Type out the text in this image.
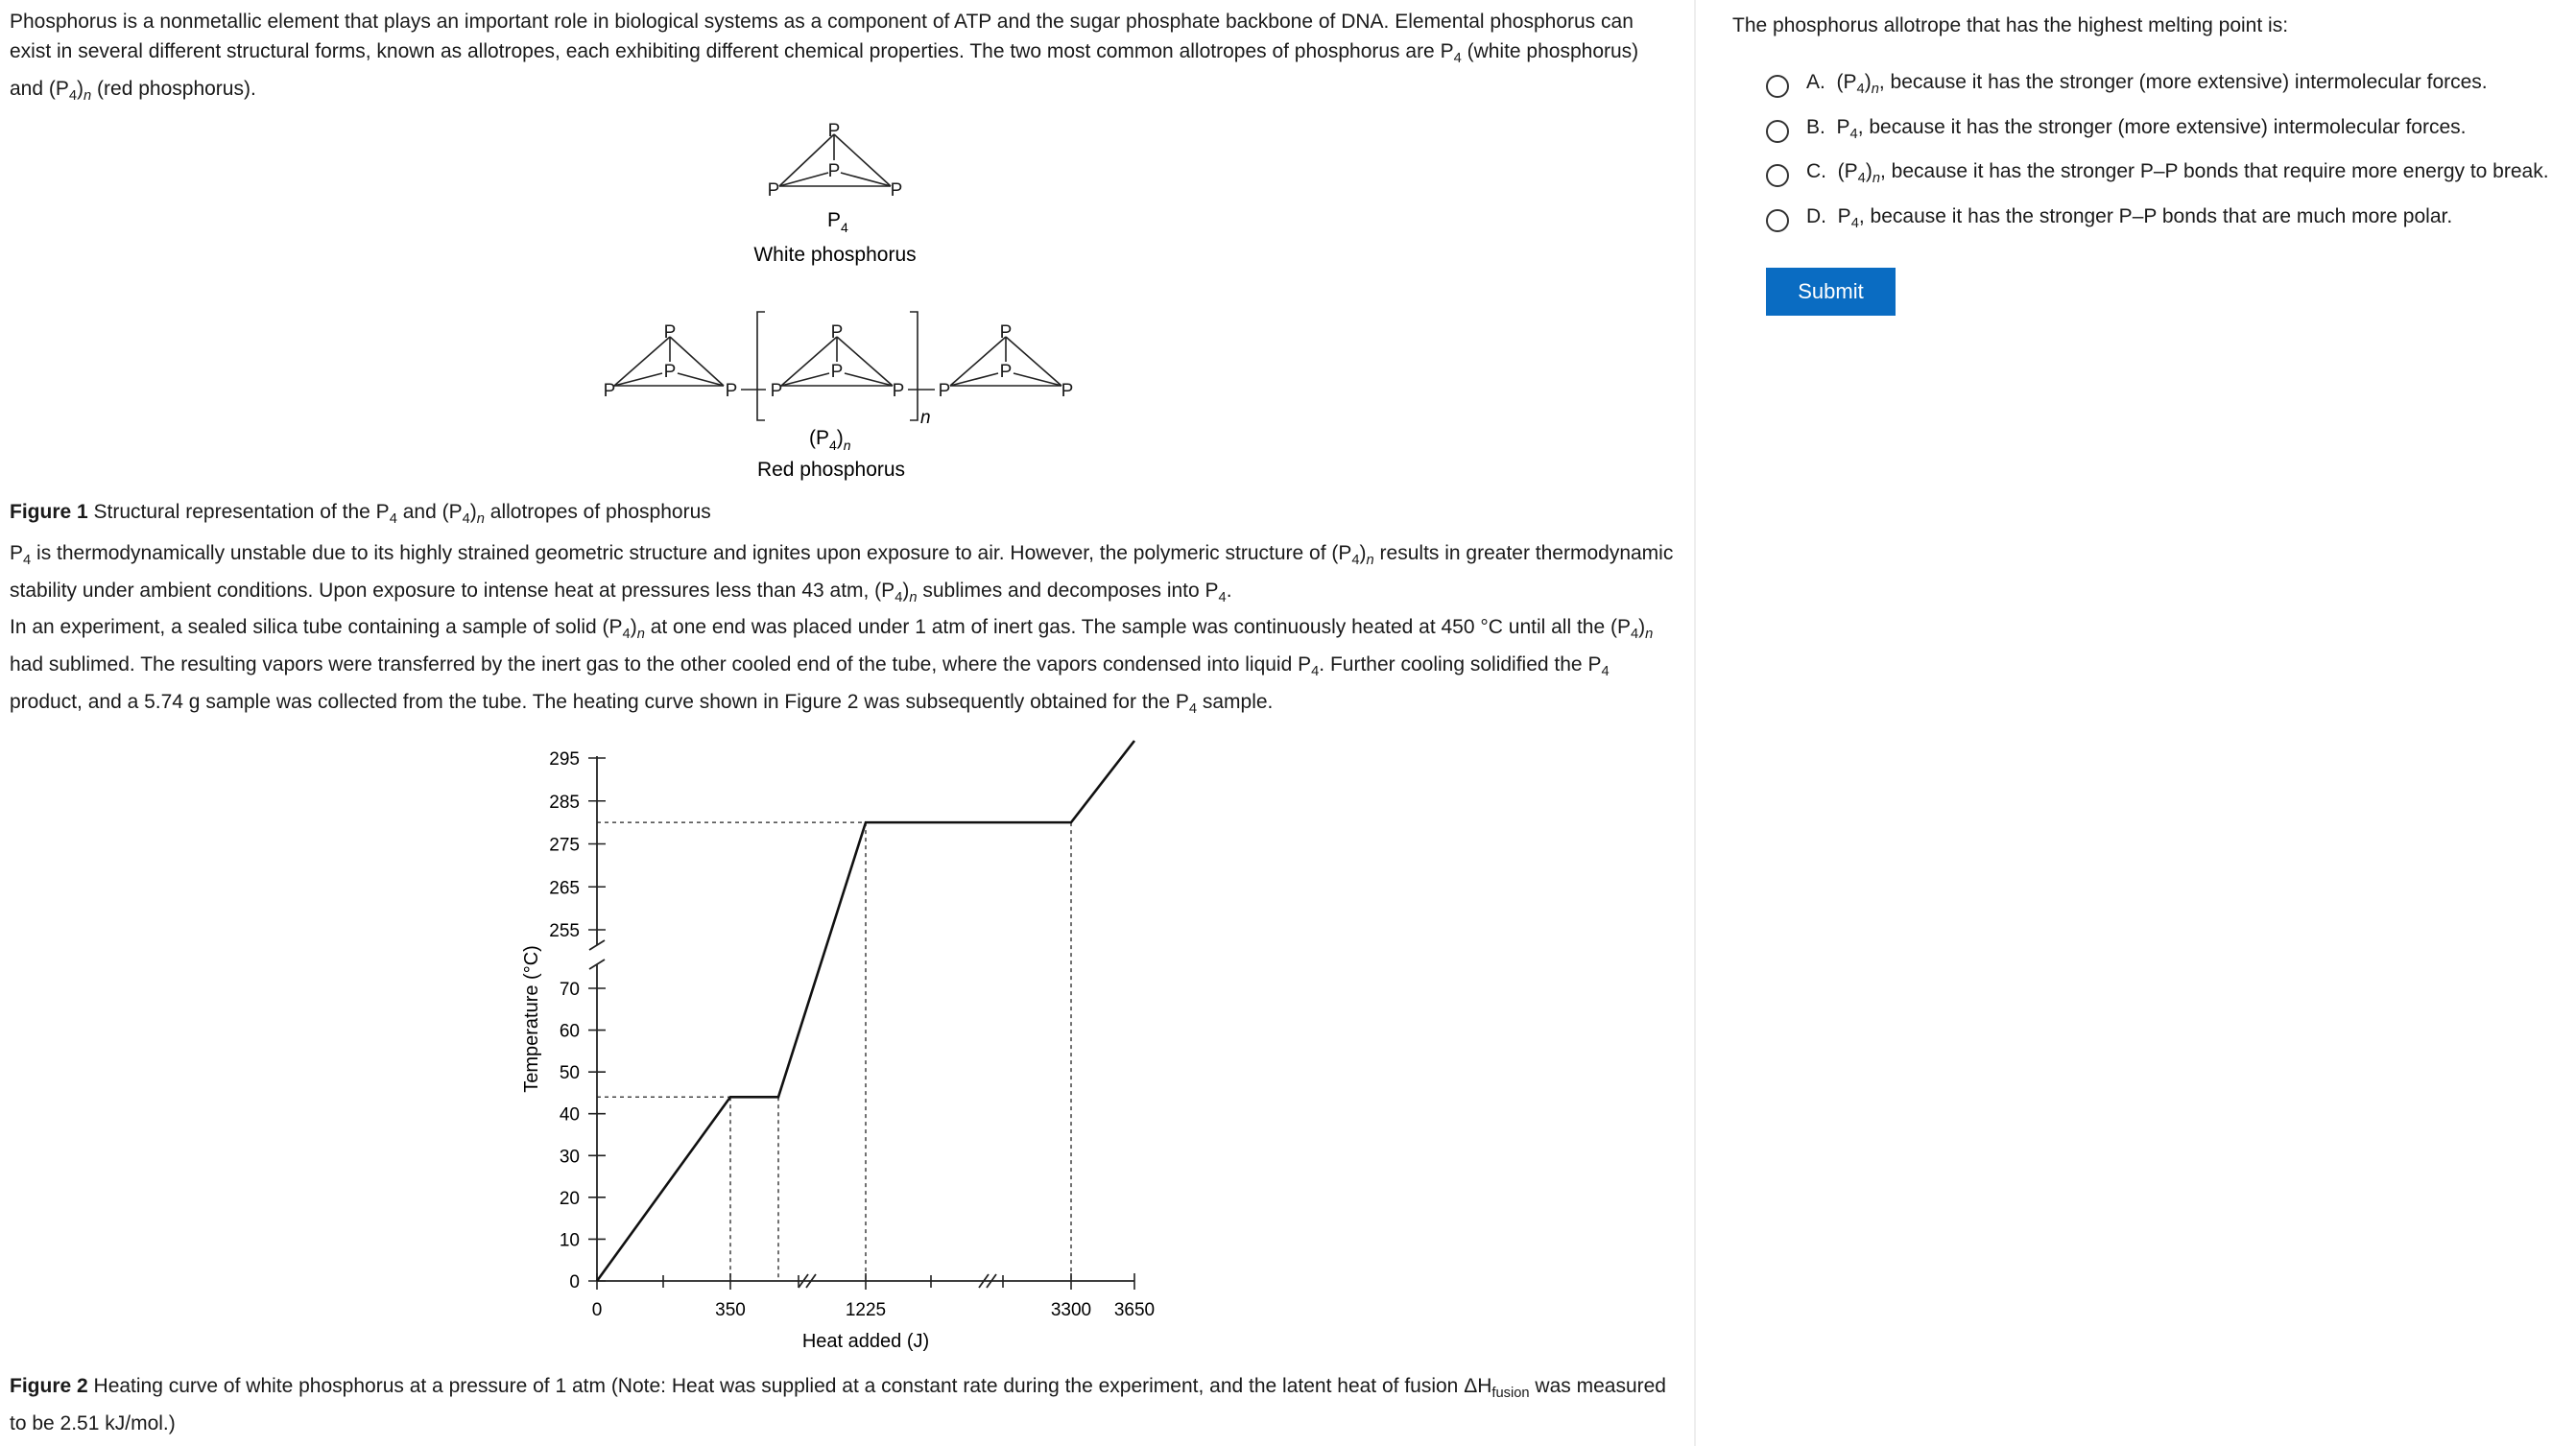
Phosphorus is a nonmetallic element that plays an important role in biological systems as a component of ATP and the sugar phosphate backbone of DNA. Elemental phosphorus can exist in several different structural forms, known as allotropes, each exhibiting different chemical properties. The two most common allotropes of phosphorus are $P_4$ (white phosphorus) and $(P_4)_n$ (red phosphorus).

P
P
P	P
$P_4$
White phosphorus
P
P
P	P
P
P
P	P
P
P
P	P
n
$(P_4)_n$
Red phosphorus

Figure 1 Structural representation of the $P_4$ and $(P_4)_n$ allotropes of phosphorus

$P_4$ is thermodynamically unstable due to its highly strained geometric structure and ignites upon exposure to air. However, the polymeric structure of $(P_4)_n$ results in greater thermodynamic stability under ambient conditions. Upon exposure to intense heat at pressures less than 43 atm, $(P_4)_n$ sublimes and decomposes into $P_4$.

In an experiment, a sealed silica tube containing a sample of solid $(P_4)_n$ at one end was placed under 1 atm of inert gas. The sample was continuously heated at 450 °C until all the $(P_4)_n$ had sublimed. The resulting vapors were transferred by the inert gas to the other cooled end of the tube, where the vapors condensed into liquid $P_4$. Further cooling solidified the $P_4$ product, and a 5.74 g sample was collected from the tube. The heating curve shown in Figure 2 was subsequently obtained for the $P_4$ sample.

0
10
20
30
40
50
60
70
255
265
275
285
295
0	350	1225	3300 3650
Heat added (J)
Temperature (°C)

Figure 2 Heating curve of white phosphorus at a pressure of 1 atm (Note: Heat was supplied at a constant rate during the experiment, and the latent heat of fusion $\Delta H_{fusion}$ was measured to be 2.51 kJ/mol.)

The phosphorus allotrope that has the highest melting point is:

A. $(P_4)_n$, because it has the stronger (more extensive) intermolecular forces.
B. $P_4$, because it has the stronger (more extensive) intermolecular forces.
C. $(P_4)_n$, because it has the stronger P–P bonds that require more energy to break.
D. $P_4$, because it has the stronger P–P bonds that are much more polar.
Submit
